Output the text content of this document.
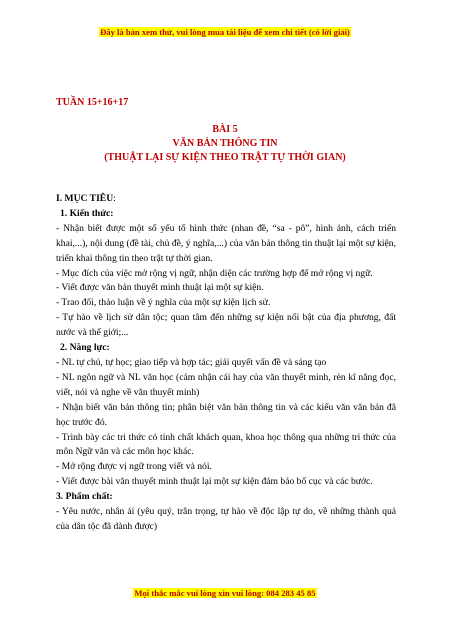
Đây là bản xem thử, vui lòng mua tài liệu để xem chi tiết (có lời giải)
TUẦN 15+16+17
BÀI 5
VĂN BẢN THÔNG TIN
(THUẬT LẠI SỰ KIỆN THEO TRẬT TỰ THỜI GIAN)

I. MỤC TIÊU:

1. Kiến thức:

- Nhận biết được một số yếu tố hình thức (nhan đề, “sa - pô”, hình ảnh, cách triển khai,...), nội dung (đề tài, chủ đề, ý nghĩa,...) của văn bản thông tin thuật lại một sự kiện, triển khai thông tin theo trật tự thời gian.

- Mục đích của việc mở rộng vị ngữ, nhận diện các trường hợp để mở rộng vị ngữ.

- Viết được văn bản thuyết minh thuật lại một sự kiện.

- Trao đổi, thảo luận về ý nghĩa của một sự kiện lịch sử.

- Tự hào về lịch sử dân tộc; quan tâm đến những sự kiện nổi bật của địa phương, đất nước và thế giới;...

2. Năng lực:

- NL tự chủ, tự học; giao tiếp và hợp tác; giải quyết vấn đề và sáng tạo

- NL ngôn ngữ và NL văn học (cảm nhận cái hay của văn thuyết minh, rèn kĩ năng đọc, viết, nói và nghe về văn thuyết minh)

- Nhận biết văn bản thông tin; phân biệt văn bản thông tin và các kiểu văn văn bản đã học trước đó.

- Trình bày các tri thức có tính chất khách quan, khoa học thông qua những tri thức của môn Ngữ văn và các môn học khác.

- Mở rộng được vị ngữ trong viết và nói.

- Viết được bài văn thuyết minh thuật lại một sự kiện đảm bảo bố cục và các bước.

3. Phẩm chất:

- Yêu nước, nhân ái (yêu quý, trân trọng, tự hào về độc lập tự do, về những thành quả của dân tộc đã dành được)

Mọi thắc mắc vui lòng xin vui lòng: 084 283 45 85
